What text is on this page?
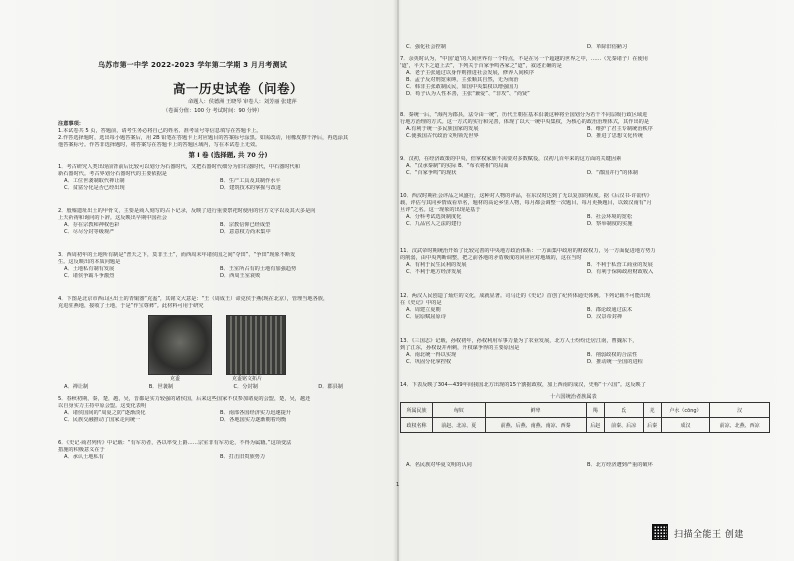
乌苏市第一中学 2022-2023 学年第二学期 3 月月考测试
高一历史试卷（问卷）
命题人：侯德洲 王晓琴 审卷人：刘芳丽 张建萍
（卷面分值：100 分 考试时间：90 分钟）
注意事项：
1.本试卷共 5 页，答题前，请考生务必将自己的姓名、准考证号等信息填写在答题卡上。
2.作答选择题时，选出每小题答案后，用 2B 铅笔在答题卡上对应题目的答案标号涂黑。如需改动，用橡皮擦干净后，再选涂其
他答案标号。作答非选择题时，将答案写在答题卡上的答题区域内，写在本试卷上无效。
第 I 卷 (选择题, 共 70 分)
1．考古研究人类出现前背前后比较可以划分为石器时代，又把石器时代细分为旧石器时代，中石器时代和
新石器时代。考古界划分石器时代的主要依据是
A．工位世袭制取代禅让制	B．生产工具及其制作水平
C．贫富分化是否已经出现	D．建筑技术的掌握与改进
2．殷墟遗址出土的甲骨文，主要是商人刻写的占卜记录，反映了进行重要祭祀时使用的官方文字以及其大多是向
上天祈祷和询问的卜辞。这反映出早期中国社会
A．存在宗教和神权色彩	B．宗教信仰已经成型
C．尽尽分封等级观严	D．意意权力尚未集中
3．西周初年的土地所有制是“普天之下，莫非王土”，而西周末年诸侯国之间“夺田”、“争田”现象不断发
生。这反映出的本质问题是
A．土地私有制有发展	B．王室所占有的土地有加强趋势
C．诸侯争霸斗争激烈	D．西周王室衰败
4．下图是北京市西山区出土的青铜器“克盉”，其铭文大意是：“王（周成王）命克侯于燕(现在北京），管理当地各族，
克进驻燕地，接收了土地，于是“作宝尊彝”。此材料可用于研究
克盉	克盉铭文拓片
A．禅让制	B．世袭制	C．分封制	D．郡县制
5．春秋初期，秦，楚，越，吴，晋都是实力较强的诸侯国，后来这些国家不仅参加诸夏的会盟，楚，吴，越还
以自身实力主持中原会盟。这变化表明
A．诸侯国间的“周夏之防”逐渐淡化	B．南部各国经济实力迅速提升
C．民族交融推动了国家走向统一	D．各地国实力逐渐朝着均衡
6．《史记·商君列传》中记载：“有军功者，各以率受上爵……宗室非有军功论，不得为属籍。”这项变法
措施的积极意义在于
A．承认土地私有	B．打击旧贵族势力
1
C．强化社会控制	D．革除旧俗陋习
7．余英时认为，“中国‘道’的人间世界有一个特点，不是在另一个超越的世界之中，……（先秦诸子）在使用
‘道’，平天下之道上去”，下列关于百家争鸣各家之“道”，叙述正确的是
A．老子主张通过以身作则推进社会发展，修养人间秩序
B．孟子反对刑宽束缚，主张顺其自然，无为而治
C．韩非主张敢制民民，如国中央集权以增强国力
D．荀子认为人性本善，主张“兼爱”、“非攻”、“尚贤”
8．秦统一后，“海内为郡县，法令由一统”，历代王朝在基本沿袭这种将全国划分为若干不同层级行政区域进
行地方治理的方式。这一方式的实行和完善，体现了以大一统中央集权，为核心的政治治理体式，其作出的是
A.有利于统一多民族国家的发展	B．维护了君主专制统治秩序
C.使我国古代政治文明领先世界	D．推进了思想文化传统
9．汉初，在经济政策的中央，但掌权家族不需要对多数赋役，汉初几百年来的这方面的关键因素
A．“汉承秦制”的实际 B．“布衣将相”的局面
C．“百家争鸣”的现状	D．“郡国并行”的体制
10．西汉时期社会评品之风盛行，这种对人物的评品，在东汉时达到了无以复加的程度。据《后汉书·许劭传》
载，评估与其同乡情成看草名，题材的高论乡里人物，每月都会调整一次题目，每月更换题目，以致汉南有“月
旦评”之名。这一现象的出现是基于
A．分科考试选贤制度化	B．社会环境的宽松
C．九品官人之法的建行	D．察举制度的实施
11．汉武帝时期统治开始了比较完善的中央地方政治体系：一方面集中政府的财政权力，另一方面促进地方势力
的削弱，由中央判断调整，把之前各地的矛盾极度的回应应对地域的，这在当时
A．有利于民生民利的发展	B．不利于私营工商业的发展
C．不利于地方经济发展	D．有利于保障政府财政收入
12．两汉人民创造了灿烂的文化，成就显著。司马迁的《史记》首创了纪传体通史体例。下列记载不可能出现
在《史记》中的是
A．周建立夏朝	B．郡论政通过法术
C．屈原赋屈原诗	D．汉景帝封禅
13．《三国志》记载，孙权初年，孙权利用军事力量为了农业发展，北方人士纷纷迁居江南，曹魏东下，
到了江东，孙权设并州刺，升权谋争得的主要原因是
A．南北统一得以实现	B．削弱政权的合法性
C．巩固分化掌控权	D．推动统一全国的进程
14．下表反映了304—439年间我国北方出现的15个割据政权，加上西南的成汉，史称“十六国”。这反映了
十六国统治者族属表
所属民族	匈奴	鲜卑	羯	氐	羌	卢水（cōng）	汉
政权名称	前赵、北凉、夏	前燕、后燕、南燕、南凉、西秦	后赵	前秦、后凉	后秦	成汉	前凉、北燕、西凉
A．名民族对华夏文明的认同	B．北方经济遭到严重的破坏
扫描全能王 创建
